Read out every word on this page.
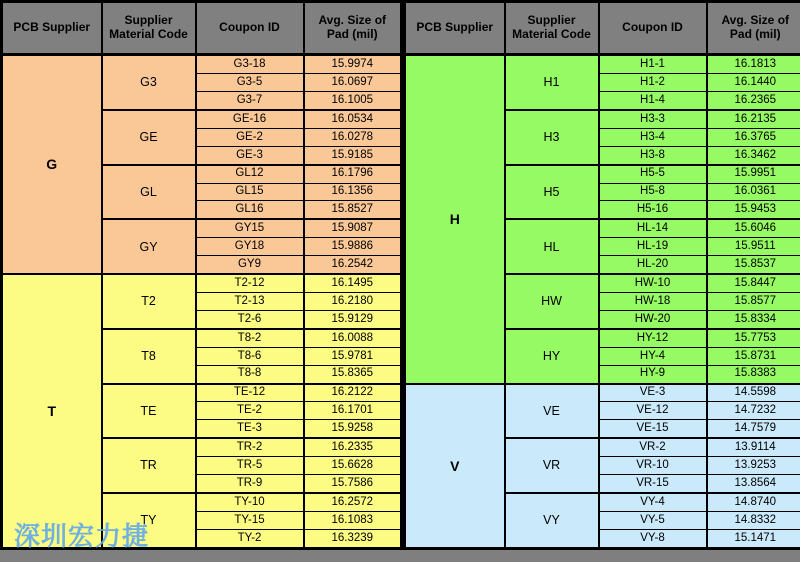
PCB Supplier	Supplier Material Code	Coupon ID	Avg. Size of Pad (mil)
G	G3	G3-18	15.9974
		G3-5	16.0697
		G3-7	16.1005
	GE	GE-16	16.0534
		GE-2	16.0278
		GE-3	15.9185
	GL	GL12	16.1796
		GL15	16.1356
		GL16	15.8527
	GY	GY15	15.9087
		GY18	15.9886
		GY9	16.2542
T	T2	T2-12	16.1495
		T2-13	16.2180
		T2-6	15.9129
	T8	T8-2	16.0088
		T8-6	15.9781
		T8-8	15.8365
	TE	TE-12	16.2122
		TE-2	16.1701
		TE-3	15.9258
	TR	TR-2	16.2335
		TR-5	15.6628
		TR-9	15.7586
	TY	TY-10	16.2572
		TY-15	16.1083
		TY-2	16.3239
PCB Supplier	Supplier Material Code	Coupon ID	Avg. Size of Pad (mil)
H	H1	H1-1	16.1813
		H1-2	16.1440
		H1-4	16.2365
	H3	H3-3	16.2135
		H3-4	16.3765
		H3-8	16.3462
	H5	H5-5	15.9951
		H5-8	16.0361
		H5-16	15.9453
	HL	HL-14	15.6046
		HL-19	15.9511
		HL-20	15.8537
	HW	HW-10	15.8447
		HW-18	15.8577
		HW-20	15.8334
	HY	HY-12	15.7753
		HY-4	15.8731
		HY-9	15.8383
V	VE	VE-3	14.5598
		VE-12	14.7232
		VE-15	14.7579
	VR	VR-2	13.9114
		VR-10	13.9253
		VR-15	13.8564
	VY	VY-4	14.8740
		VY-5	14.8332
		VY-8	15.1471
深圳宏力捷
